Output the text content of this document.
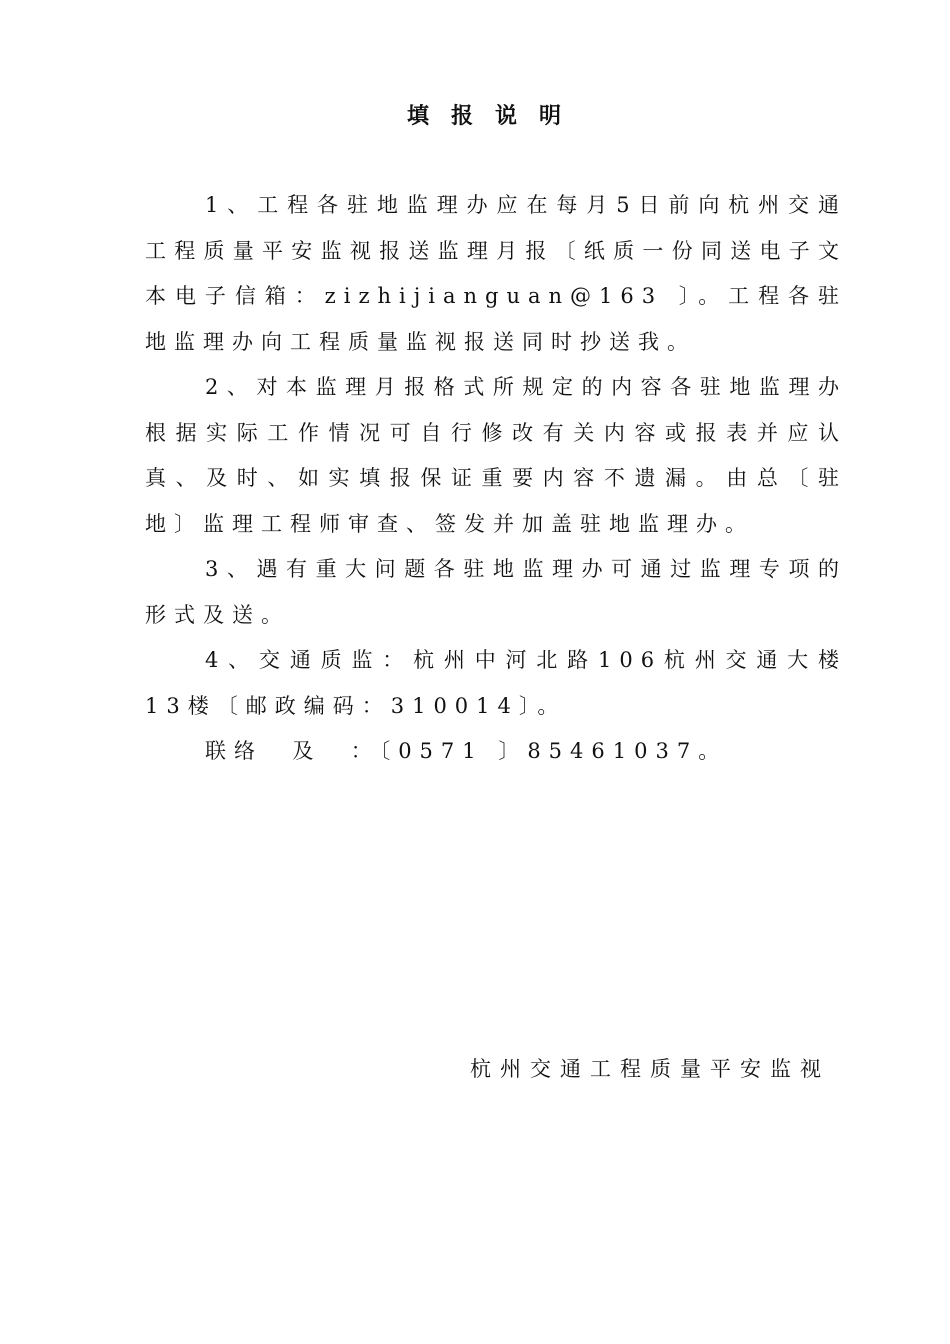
填报说明

1、工程各驻地监理办应在每月5日前向杭州交通工程质量平安监视报送监理月报〔纸质一份同送电子文本电子信箱：zizhijianguan@163 〕。工程各驻地监理办向工程质量监视报送同时抄送我。

2、对本监理月报格式所规定的内容各驻地监理办根据实际工作情况可自行修改有关内容或报表并应认真、及时、如实填报保证重要内容不遗漏。由总〔驻地〕监理工程师审查、签发并加盖驻地监理办。

3、遇有重大问题各驻地监理办可通过监理专项的形式及送。

4、交通质监：杭州中河北路106杭州交通大楼13楼〔邮政编码：310014〕。

联络  及  ：〔0571 〕85461037。

杭州交通工程质量平安监视
